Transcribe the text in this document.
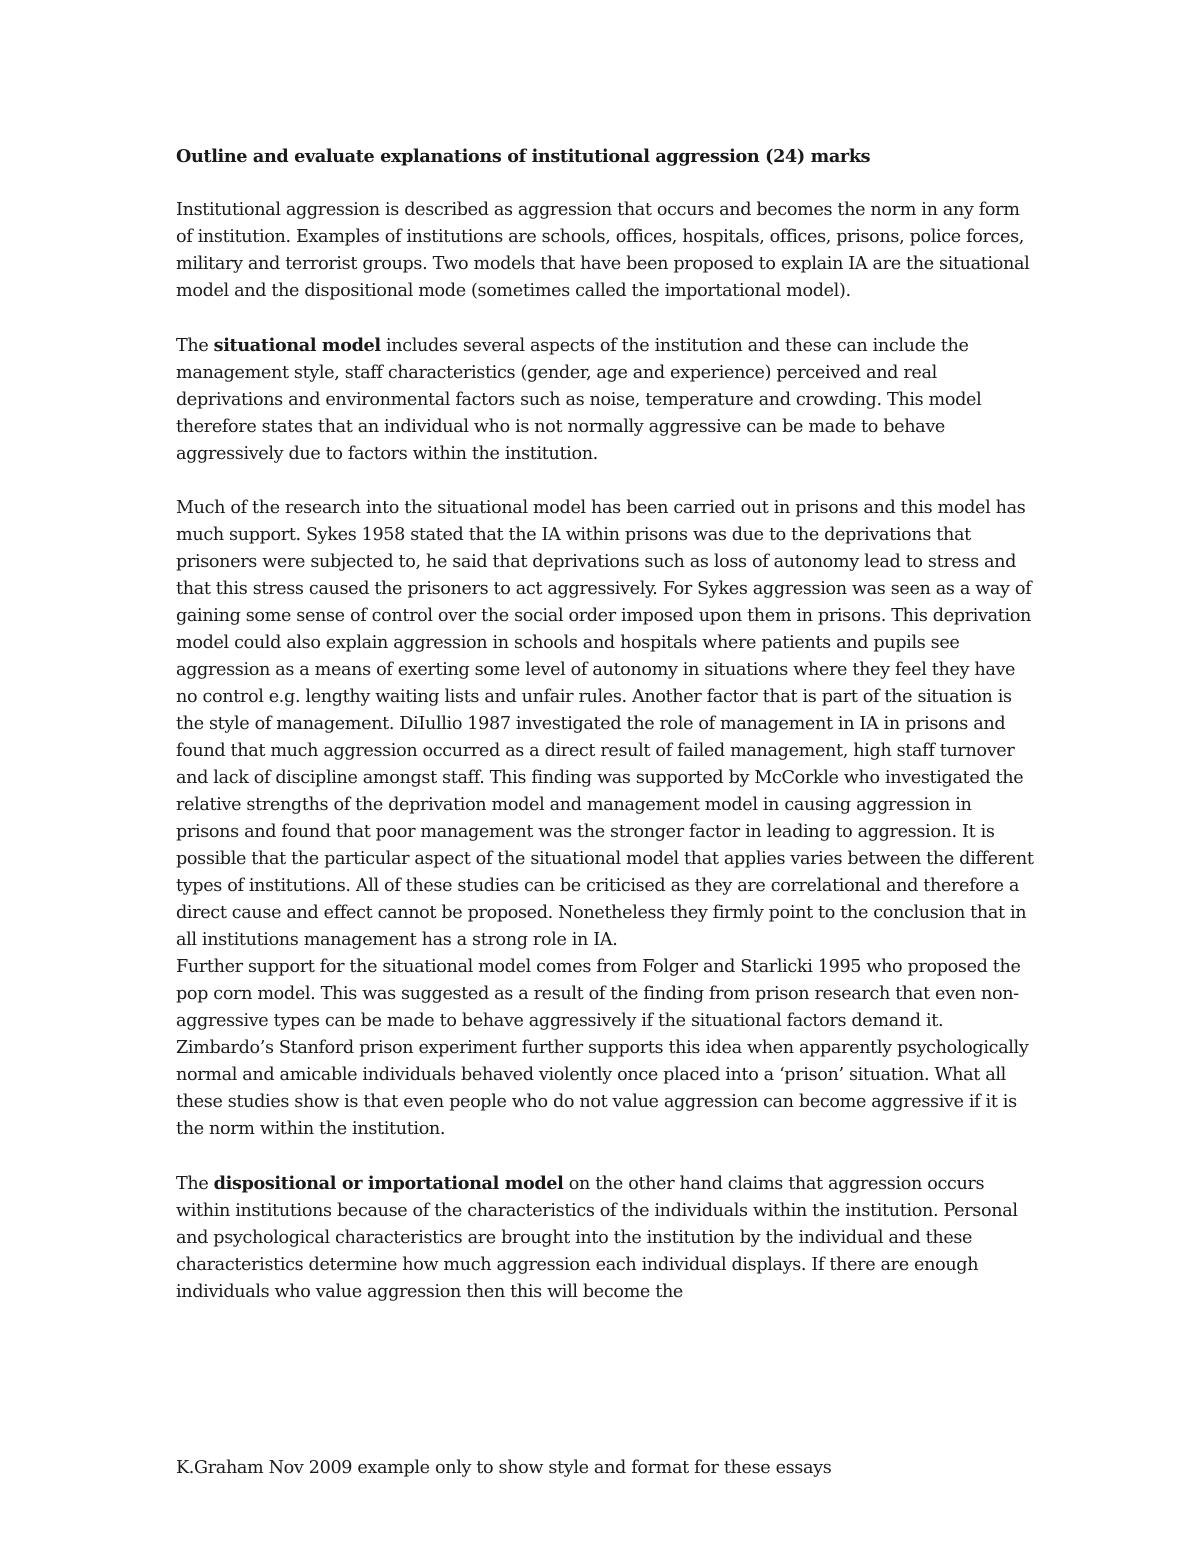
Outline and evaluate explanations of institutional aggression (24) marks

Institutional aggression is described as aggression that occurs and becomes the norm in any form of institution. Examples of institutions are schools, offices, hospitals, offices, prisons, police forces, military and terrorist groups. Two models that have been proposed to explain IA are the situational model and the dispositional mode (sometimes called the importational model).

The situational model includes several aspects of the institution and these can include the management style, staff characteristics (gender, age and experience) perceived and real deprivations and environmental factors such as noise, temperature and crowding. This model therefore states that an individual who is not normally aggressive can be made to behave aggressively due to factors within the institution.

Much of the research into the situational model has been carried out in prisons and this model has much support. Sykes 1958 stated that the IA within prisons was due to the deprivations that prisoners were subjected to, he said that deprivations such as loss of autonomy lead to stress and that this stress caused the prisoners to act aggressively. For Sykes aggression was seen as a way of gaining some sense of control over the social order imposed upon them in prisons. This deprivation model could also explain aggression in schools and hospitals where patients and pupils see aggression as a means of exerting some level of autonomy in situations where they feel they have no control e.g. lengthy waiting lists and unfair rules. Another factor that is part of the situation is the style of management. DiIullio 1987 investigated the role of management in IA in prisons and found that much aggression occurred as a direct result of failed management, high staff turnover and lack of discipline amongst staff. This finding was supported by McCorkle who investigated the relative strengths of the deprivation model and management model in causing aggression in prisons and found that poor management was the stronger factor in leading to aggression. It is possible that the particular aspect of the situational model that applies varies between the different types of institutions. All of these studies can be criticised as they are correlational and therefore a direct cause and effect cannot be proposed. Nonetheless they firmly point to the conclusion that in all institutions management has a strong role in IA.

Further support for the situational model comes from Folger and Starlicki 1995 who proposed the pop corn model. This was suggested as a result of the finding from prison research that even non-aggressive types can be made to behave aggressively if the situational factors demand it. Zimbardo’s Stanford prison experiment further supports this idea when apparently psychologically normal and amicable individuals behaved violently once placed into a ‘prison’ situation. What all these studies show is that even people who do not value aggression can become aggressive if it is the norm within the institution.

The dispositional or importational model on the other hand claims that aggression occurs within institutions because of the characteristics of the individuals within the institution. Personal and psychological characteristics are brought into the institution by the individual and these characteristics determine how much aggression each individual displays. If there are enough individuals who value aggression then this will become the

K.Graham Nov 2009 example only to show style and format for these essays
